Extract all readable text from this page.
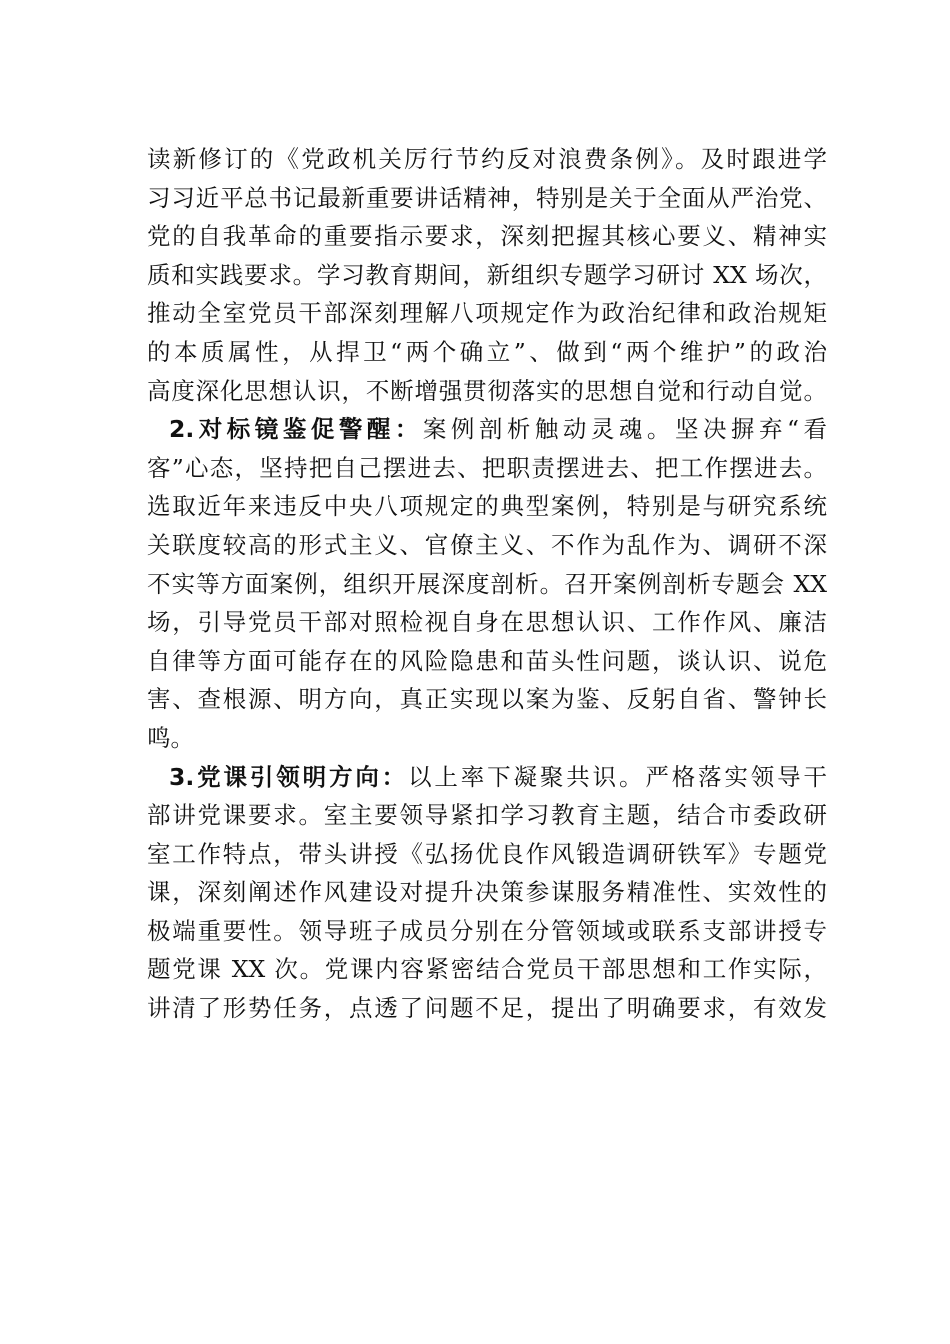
读新修订的《党政机关厉行节约反对浪费条例》。及时跟进学
习习近平总书记最新重要讲话精神，特别是关于全面从严治党、
党的自我革命的重要指示要求，深刻把握其核心要义、精神实
质和实践要求。学习教育期间，新组织专题学习研讨 XX 场次，
推动全室党员干部深刻理解八项规定作为政治纪律和政治规矩
的本质属性，从捍卫“两个确立”、做到“两个维护”的政治
高度深化思想认识，不断增强贯彻落实的思想自觉和行动自觉。
2.对标镜鉴促警醒：案例剖析触动灵魂。坚决摒弃“看
客”心态，坚持把自己摆进去、把职责摆进去、把工作摆进去。
选取近年来违反中央八项规定的典型案例，特别是与研究系统
关联度较高的形式主义、官僚主义、不作为乱作为、调研不深
不实等方面案例，组织开展深度剖析。召开案例剖析专题会 XX
场，引导党员干部对照检视自身在思想认识、工作作风、廉洁
自律等方面可能存在的风险隐患和苗头性问题，谈认识、说危
害、查根源、明方向，真正实现以案为鉴、反躬自省、警钟长
鸣。
3.党课引领明方向：以上率下凝聚共识。严格落实领导干
部讲党课要求。室主要领导紧扣学习教育主题，结合市委政研
室工作特点，带头讲授《弘扬优良作风锻造调研铁军》专题党
课，深刻阐述作风建设对提升决策参谋服务精准性、实效性的
极端重要性。领导班子成员分别在分管领域或联系支部讲授专
题党课 XX 次。党课内容紧密结合党员干部思想和工作实际，
讲清了形势任务，点透了问题不足，提出了明确要求，有效发
